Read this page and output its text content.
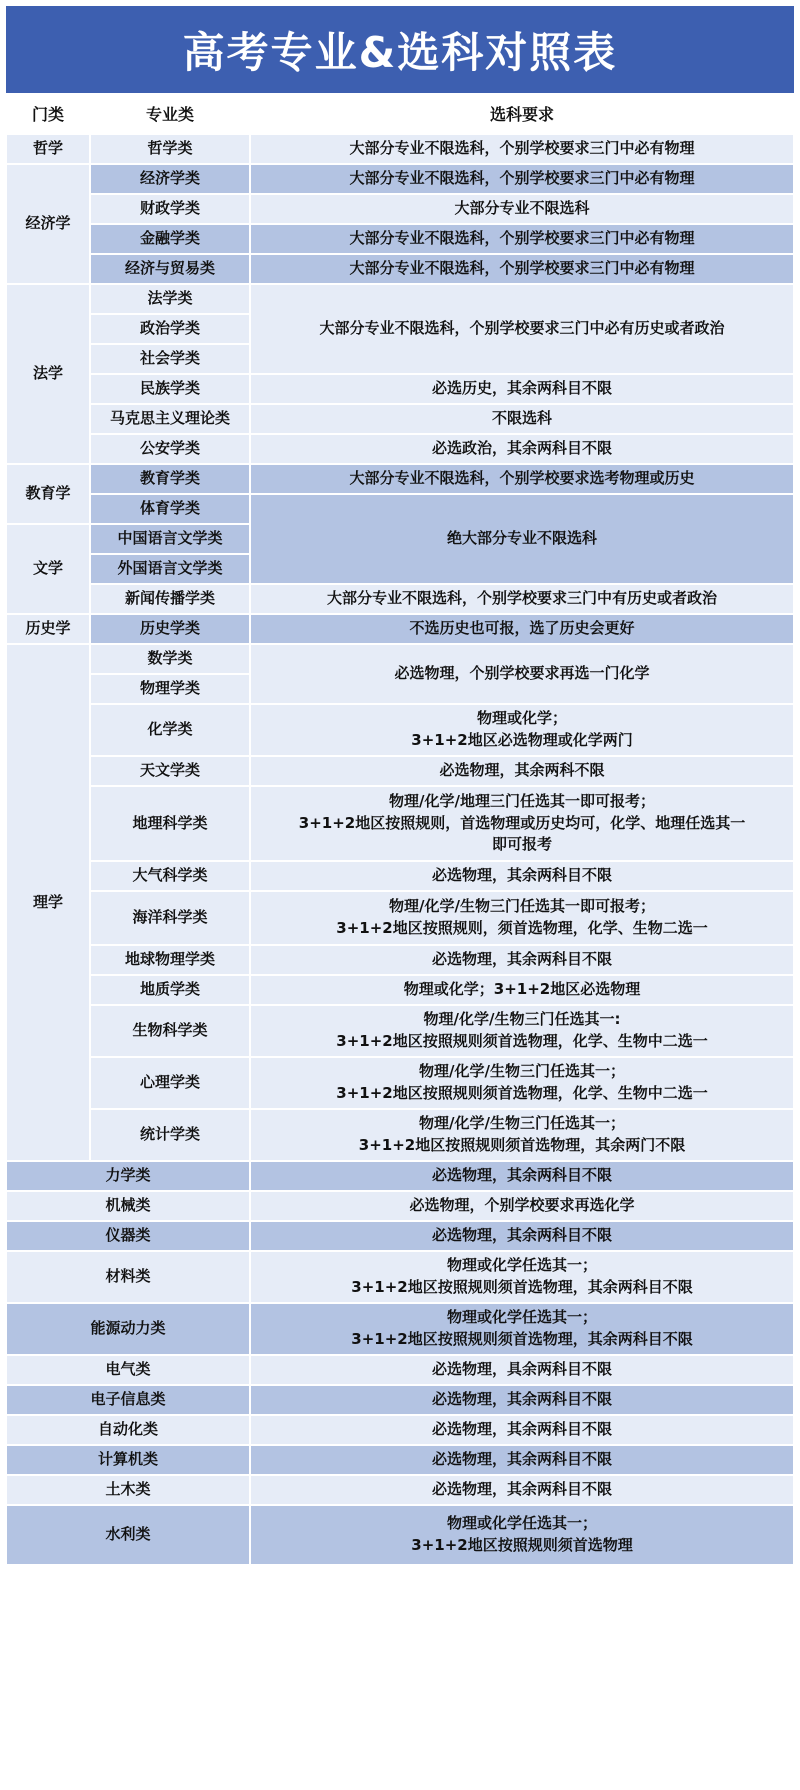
高考专业&选科对照表
门类	专业类	选科要求
哲学
经济学
法学
教育学
文学
历史学
理学
哲学类
经济学类
财政学类
金融学类
经济与贸易类
法学类
政治学类
社会学类
民族学类
马克思主义理论类
公安学类
教育学类
体育学类
中国语言文学类
外国语言文学类
新闻传播学类
历史学类
数学类
物理学类
化学类
天文学类
地理科学类
大气科学类
海洋科学类
地球物理学类
地质学类
生物科学类
心理学类
统计学类
力学类
机械类
仪器类
材料类
能源动力类
电气类
电子信息类
自动化类
计算机类
土木类
水利类
大部分专业不限选科，个别学校要求三门中必有物理
大部分专业不限选科，个别学校要求三门中必有物理
大部分专业不限选科
大部分专业不限选科，个别学校要求三门中必有物理
大部分专业不限选科，个别学校要求三门中必有物理
大部分专业不限选科，个别学校要求三门中必有历史或者政治
必选历史，其余两科目不限
不限选科
必选政治，其余两科目不限
大部分专业不限选科，个别学校要求选考物理或历史
绝大部分专业不限选科
大部分专业不限选科，个别学校要求三门中有历史或者政治
不选历史也可报，选了历史会更好
必选物理，个别学校要求再选一门化学
物理或化学；
3+1+2地区必选物理或化学两门
必选物理，其余两科不限
物理/化学/地理三门任选其一即可报考；
3+1+2地区按照规则，首选物理或历史均可，化学、地理任选其一
即可报考
必选物理，其余两科目不限
物理/化学/生物三门任选其一即可报考；
3+1+2地区按照规则，须首选物理，化学、生物二选一
必选物理，其余两科目不限
物理或化学；3+1+2地区必选物理
物理/化学/生物三门任选其一:
3+1+2地区按照规则须首选物理，化学、生物中二选一
物理/化学/生物三门任选其一；
3+1+2地区按照规则须首选物理，化学、生物中二选一
物理/化学/生物三门任选其一；
3+1+2地区按照规则须首选物理，其余两门不限
必选物理，其余两科目不限
必选物理，个别学校要求再选化学
必选物理，其余两科目不限
物理或化学任选其一；
3+1+2地区按照规则须首选物理，其余两科目不限
物理或化学任选其一；
3+1+2地区按照规则须首选物理，其余两科目不限
必选物理，具余两科目不限
必选物理，其余两科目不限
必选物理，其余两科目不限
必选物理，其余两科目不限
必选物理，其余两科目不限
物理或化学任选其一；
3+1+2地区按照规则须首选物理
